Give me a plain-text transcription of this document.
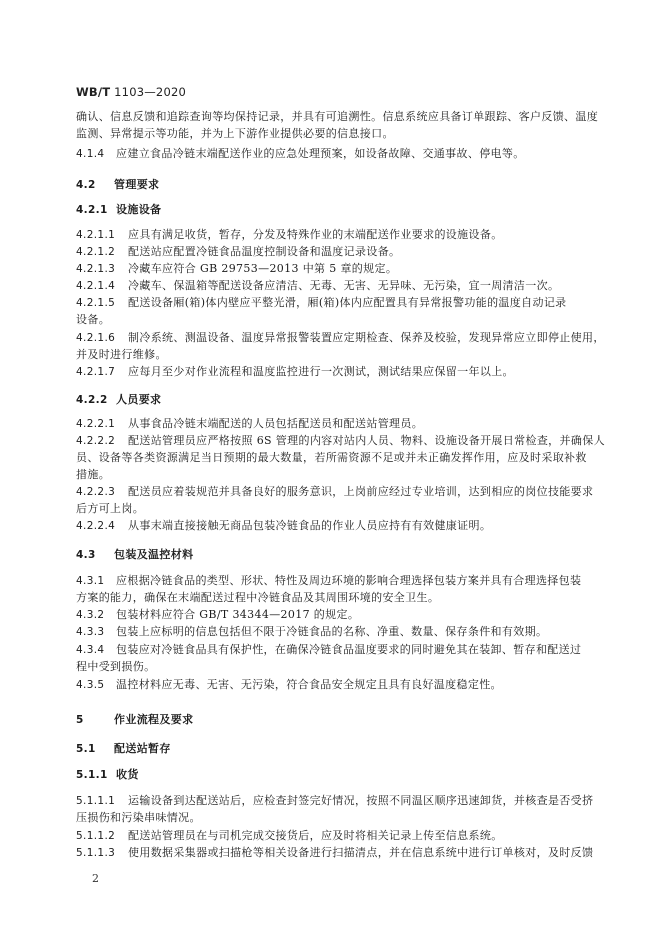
WB/T 1103—2020
确认、信息反馈和追踪查询等均保持记录，并具有可追溯性。信息系统应具备订单跟踪、客户反馈、温度
监测、异常提示等功能，并为上下游作业提供必要的信息接口。
4.1.4 应建立食品冷链末端配送作业的应急处理预案，如设备故障、交通事故、停电等。
4.2 管理要求
4.2.1 设施设备
4.2.1.1 应具有满足收货，暂存，分发及特殊作业的末端配送作业要求的设施设备。
4.2.1.2 配送站应配置冷链食品温度控制设备和温度记录设备。
4.2.1.3 冷藏车应符合 GB 29753—2013 中第 5 章的规定。
4.2.1.4 冷藏车、保温箱等配送设备应清洁、无毒、无害、无异味、无污染，宜一周清洁一次。
4.2.1.5 配送设备厢(箱)体内壁应平整光滑，厢(箱)体内应配置具有异常报警功能的温度自动记录
设备。
4.2.1.6 制冷系统、测温设备、温度异常报警装置应定期检查、保养及校验，发现异常应立即停止使用，
并及时进行维修。
4.2.1.7 应每月至少对作业流程和温度监控进行一次测试，测试结果应保留一年以上。
4.2.2 人员要求
4.2.2.1 从事食品冷链末端配送的人员包括配送员和配送站管理员。
4.2.2.2 配送站管理员应严格按照 6S 管理的内容对站内人员、物料、设施设备开展日常检查，并确保人
员、设备等各类资源满足当日预期的最大数量，若所需资源不足或并未正确发挥作用，应及时采取补救
措施。
4.2.2.3 配送员应着装规范并具备良好的服务意识，上岗前应经过专业培训，达到相应的岗位技能要求
后方可上岗。
4.2.2.4 从事末端直接接触无商品包装冷链食品的作业人员应持有有效健康证明。
4.3 包装及温控材料
4.3.1 应根据冷链食品的类型、形状、特性及周边环境的影响合理选择包装方案并具有合理选择包装
方案的能力，确保在末端配送过程中冷链食品及其周围环境的安全卫生。
4.3.2 包装材料应符合 GB/T 34344—2017 的规定。
4.3.3 包装上应标明的信息包括但不限于冷链食品的名称、净重、数量、保存条件和有效期。
4.3.4 包装应对冷链食品具有保护性，在确保冷链食品温度要求的同时避免其在装卸、暂存和配送过
程中受到损伤。
4.3.5 温控材料应无毒、无害、无污染，符合食品安全规定且具有良好温度稳定性。
5	作业流程及要求
5.1 配送站暂存
5.1.1 收货
5.1.1.1 运输设备到达配送站后，应检查封签完好情况，按照不同温区顺序迅速卸货，并核查是否受挤
压损伤和污染串味情况。
5.1.1.2 配送站管理员在与司机完成交接货后，应及时将相关记录上传至信息系统。
5.1.1.3 使用数据采集器或扫描枪等相关设备进行扫描清点，并在信息系统中进行订单核对，及时反馈
2
